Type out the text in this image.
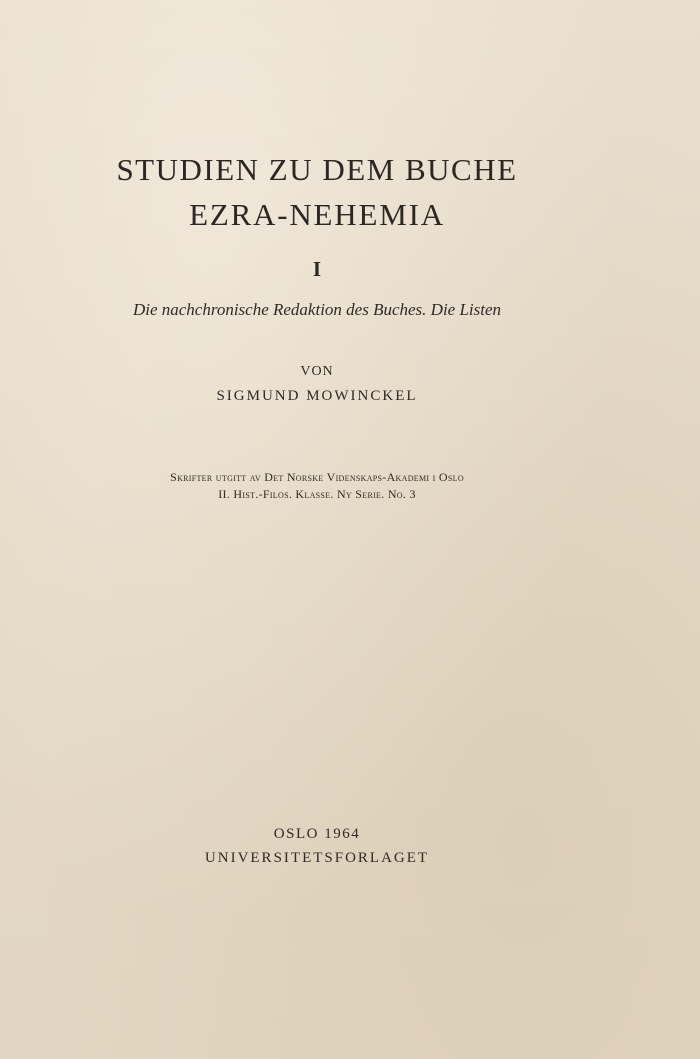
STUDIEN ZU DEM BUCHE
EZRA-NEHEMIA
I
Die nachchronische Redaktion des Buches. Die Listen
VON
SIGMUND MOWINCKEL
Skrifter utgitt av Det Norske Videnskaps-Akademi i Oslo
II. Hist.-Filos. Klasse. Ny Serie. No. 3
OSLO 1964
UNIVERSITETSFORLAGET
